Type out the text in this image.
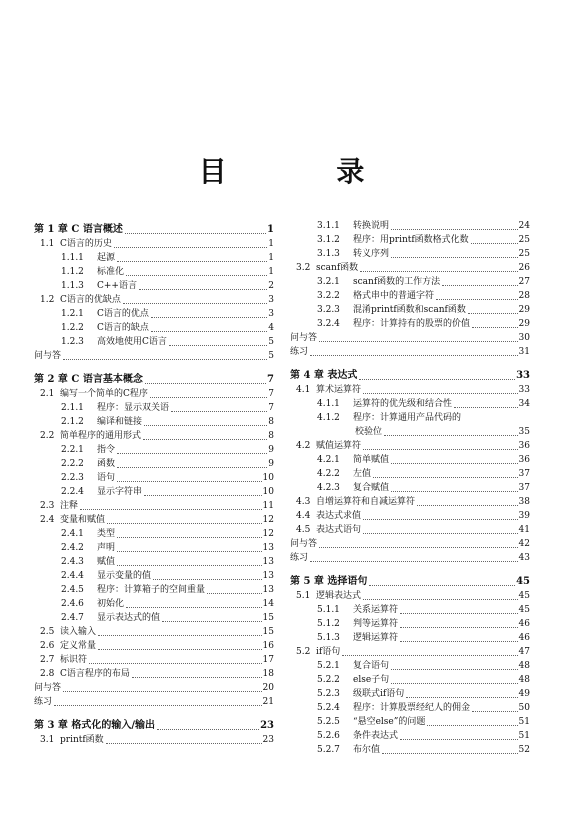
目 录
第 1 章 C 语言概述	1
1.1 C语言的历史	1
1.1.1 起源	1
1.1.2 标准化	1
1.1.3 C++语言	2
1.2 C语言的优缺点	3
1.2.1 C语言的优点	3
1.2.2 C语言的缺点	4
1.2.3 高效地使用C语言	5
问与答	5
第 2 章 C 语言基本概念	7
2.1 编写一个简单的C程序	7
2.1.1 程序：显示双关语	7
2.1.2 编译和链接	8
2.2 简单程序的通用形式	8
2.2.1 指令	9
2.2.2 函数	9
2.2.3 语句	10
2.2.4 显示字符串	10
2.3 注释	11
2.4 变量和赋值	12
2.4.1 类型	12
2.4.2 声明	13
2.4.3 赋值	13
2.4.4 显示变量的值	13
2.4.5 程序：计算箱子的空间重量	13
2.4.6 初始化	14
2.4.7 显示表达式的值	15
2.5 读入输入	15
2.6 定义常量	16
2.7 标识符	17
2.8 C语言程序的布局	18
问与答	20
练习	21
第 3 章 格式化的输入/输出	23
3.1 printf函数	23
3.1.1 转换说明	24
3.1.2 程序：用printf函数格式化数	25
3.1.3 转义序列	25
3.2 scanf函数	26
3.2.1 scanf函数的工作方法	27
3.2.2 格式串中的普通字符	28
3.2.3 混淆printf函数和scanf函数	29
3.2.4 程序：计算持有的股票的价值	29
问与答	30
练习	31
第 4 章 表达式	33
4.1 算术运算符	33
4.1.1 运算符的优先级和结合性	34
4.1.2 程序：计算通用产品代码的
校验位	35
4.2 赋值运算符	36
4.2.1 简单赋值	36
4.2.2 左值	37
4.2.3 复合赋值	37
4.3 自增运算符和自减运算符	38
4.4 表达式求值	39
4.5 表达式语句	41
问与答	42
练习	43
第 5 章 选择语句	45
5.1 逻辑表达式	45
5.1.1 关系运算符	45
5.1.2 判等运算符	46
5.1.3 逻辑运算符	46
5.2 if语句	47
5.2.1 复合语句	48
5.2.2 else子句	48
5.2.3 级联式if语句	49
5.2.4 程序：计算股票经纪人的佣金	50
5.2.5 “悬空else”的问题	51
5.2.6 条件表达式	51
5.2.7 布尔值	52
